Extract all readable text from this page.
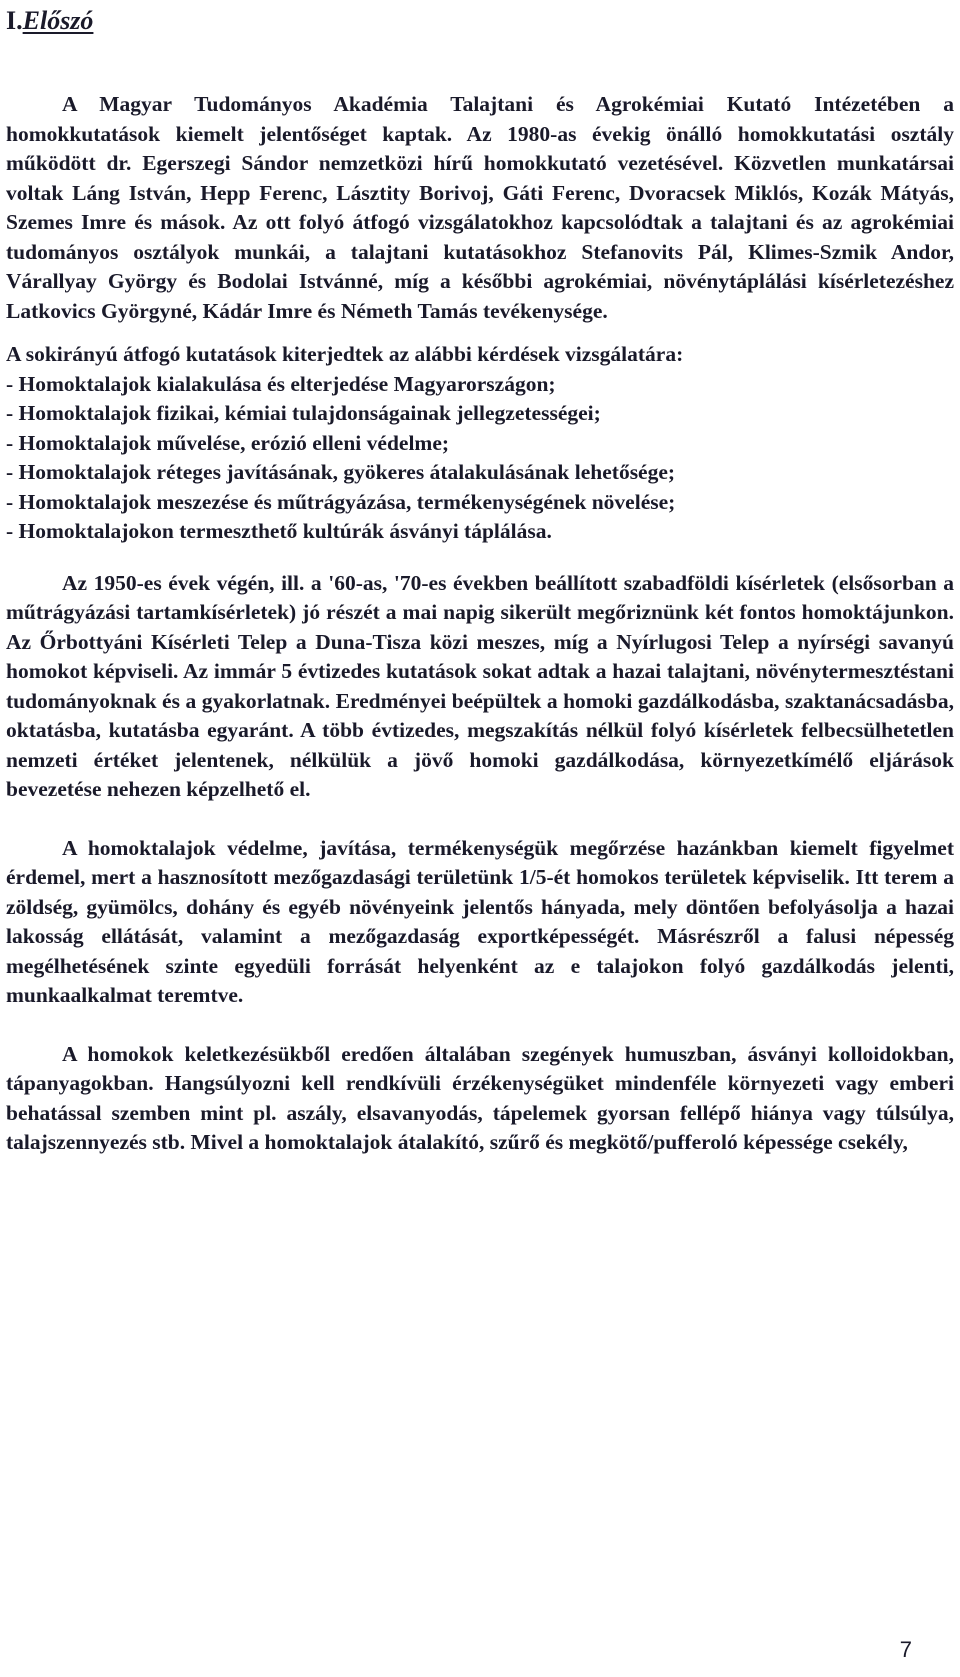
I.Előszó

A Magyar Tudományos Akadémia Talajtani és Agrokémiai Kutató Intézetében a homokkutatások kiemelt jelentőséget kaptak. Az 1980-as évekig önálló homokkutatási osztály működött dr. Egerszegi Sándor nemzetközi hírű homokkutató vezetésével. Közvetlen munkatársai voltak Láng István, Hepp Ferenc, Lásztity Borivoj, Gáti Ferenc, Dvoracsek Miklós, Kozák Mátyás, Szemes Imre és mások. Az ott folyó átfogó vizsgálatokhoz kapcsolódtak a talajtani és az agrokémiai tudományos osztályok munkái, a talajtani kutatásokhoz Stefanovits Pál, Klimes-Szmik Andor, Várallyay György és Bodolai Istvánné, míg a későbbi agrokémiai, növénytáplálási kísérletezéshez Latkovics Györgyné, Kádár Imre és Németh Tamás tevékenysége.

A sokirányú átfogó kutatások kiterjedtek az alábbi kérdések vizsgálatára:

- Homoktalajok kialakulása és elterjedése Magyarországon;

- Homoktalajok fizikai, kémiai tulajdonságainak jellegzetességei;

- Homoktalajok művelése, erózió elleni védelme;

- Homoktalajok réteges javításának, gyökeres átalakulásának lehetősége;

- Homoktalajok meszezése és műtrágyázása, termékenységének növelése;

- Homoktalajokon termeszthető kultúrák ásványi táplálása.

Az 1950-es évek végén, ill. a '60-as, '70-es években beállított szabadföldi kísérletek (elsősorban a műtrágyázási tartamkísérletek) jó részét a mai napig sikerült megőriznünk két fontos homoktájunkon. Az Őrbottyáni Kísérleti Telep a Duna-Tisza közi meszes, míg a Nyírlugosi Telep a nyírségi savanyú homokot képviseli. Az immár 5 évtizedes kutatások sokat adtak a hazai talajtani, növénytermesztéstani tudományoknak és a gyakorlatnak. Eredményei beépültek a homoki gazdálkodásba, szaktanácsadásba, oktatásba, kutatásba egyaránt. A több évtizedes, megszakítás nélkül folyó kísérletek felbecsülhetetlen nemzeti értéket jelentenek, nélkülük a jövő homoki gazdálkodása, környezetkímélő eljárások bevezetése nehezen képzelhető el.

A homoktalajok védelme, javítása, termékenységük megőrzése hazánkban kiemelt figyelmet érdemel, mert a hasznosított mezőgazdasági területünk 1/5-ét homokos területek képviselik. Itt terem a zöldség, gyümölcs, dohány és egyéb növényeink jelentős hányada, mely döntően befolyásolja a hazai lakosság ellátását, valamint a mezőgazdaság exportképességét. Másrészről a falusi népesség megélhetésének szinte egyedüli forrását helyenként az e talajokon folyó gazdálkodás jelenti, munkaalkalmat teremtve.

A homokok keletkezésükből eredően általában szegények humuszban, ásványi kolloidokban, tápanyagokban. Hangsúlyozni kell rendkívüli érzékenységüket mindenféle környezeti vagy emberi behatással szemben mint pl. aszály, elsavanyodás, tápelemek gyorsan fellépő hiánya vagy túlsúlya, talajszennyezés stb. Mivel a homoktalajok átalakító, szűrő és megkötő/pufferoló képessége csekély,

7
